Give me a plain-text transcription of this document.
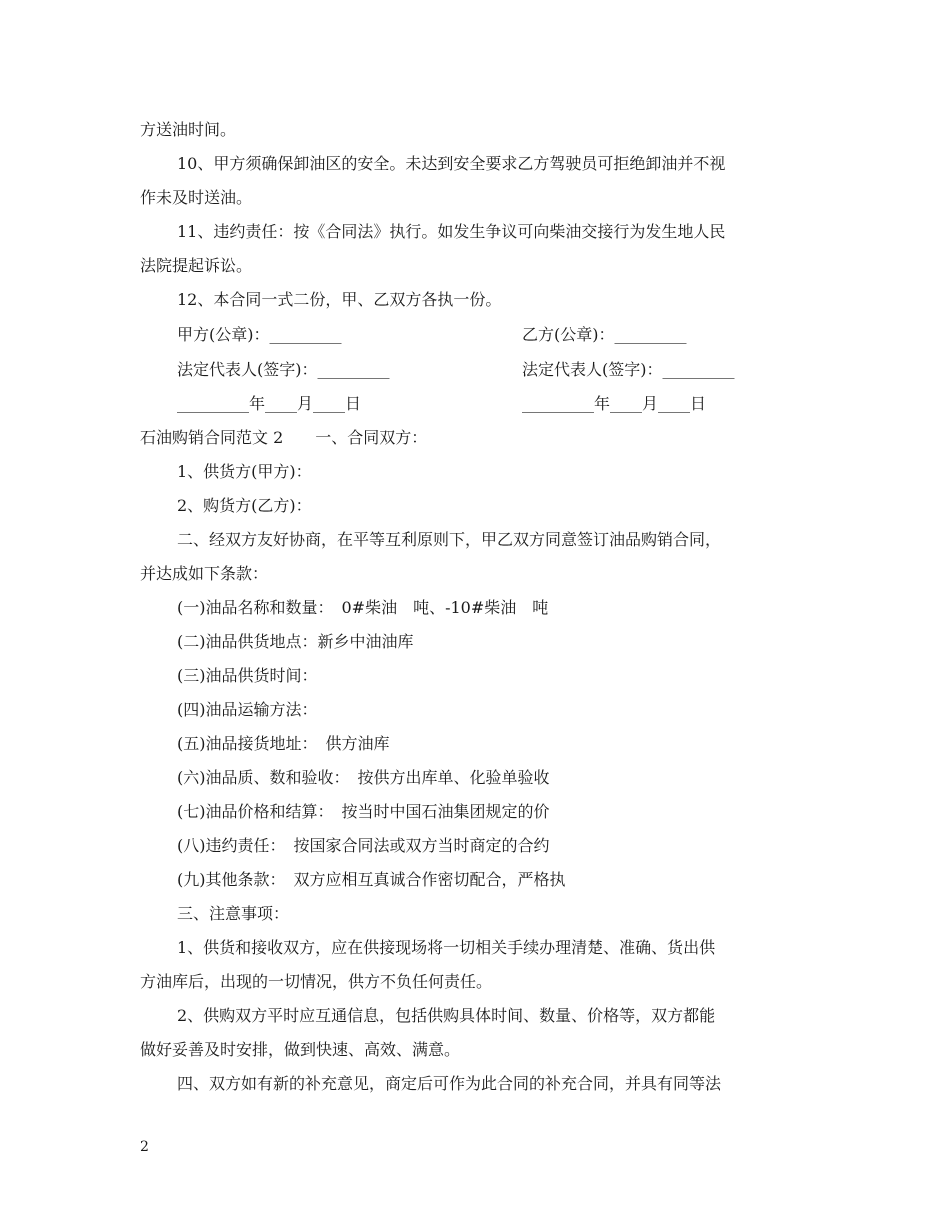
方送油时间。
10、甲方须确保卸油区的安全。未达到安全要求乙方驾驶员可拒绝卸油并不视
作未及时送油。
11、违约责任：按《合同法》执行。如发生争议可向柴油交接行为发生地人民
法院提起诉讼。
12、本合同一式二份，甲、乙双方各执一份。
甲方(公章)：_________	乙方(公章)：_________
法定代表人(签字)：_________	法定代表人(签字)：_________
_________年____月____日	_________年____月____日
石油购销合同范文 2　　一、合同双方：
1、供货方(甲方)：
2、购货方(乙方)：
二、经双方友好协商，在平等互利原则下，甲乙双方同意签订油品购销合同，
并达成如下条款：
(一)油品名称和数量：　0#柴油　吨、-10#柴油　吨
(二)油品供货地点：新乡中油油库
(三)油品供货时间：
(四)油品运输方法：
(五)油品接货地址：　供方油库
(六)油品质、数和验收：　按供方出库单、化验单验收
(七)油品价格和结算：　按当时中国石油集团规定的价
(八)违约责任：　按国家合同法或双方当时商定的合约
(九)其他条款：　双方应相互真诚合作密切配合，严格执
三、注意事项：
1、供货和接收双方，应在供接现场将一切相关手续办理清楚、准确、货出供
方油库后，出现的一切情况，供方不负任何责任。
2、供购双方平时应互通信息，包括供购具体时间、数量、价格等，双方都能
做好妥善及时安排，做到快速、高效、满意。
四、双方如有新的补充意见，商定后可作为此合同的补充合同，并具有同等法
2
